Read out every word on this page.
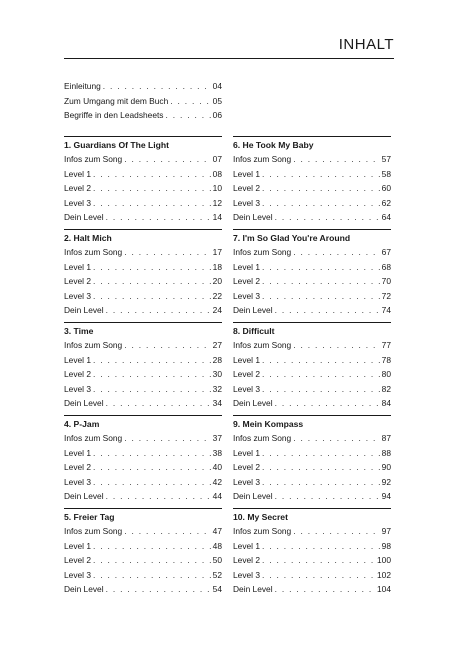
INHALT
Einleitung . . .	04
Zum Umgang mit dem Buch . . .	05
Begriffe in den Leadsheets . . .	06
1. Guardians Of The Light
Infos zum Song . . .	07
Level 1 . . .	08
Level 2 . . .	10
Level 3 . . .	12
Dein Level . . .	14
2. Halt Mich
Infos zum Song . . .	17
Level 1 . . .	18
Level 2 . . .	20
Level 3 . . .	22
Dein Level . . .	24
3. Time
Infos zum Song . . .	27
Level 1 . . .	28
Level 2 . . .	30
Level 3 . . .	32
Dein Level . . .	34
4. P-Jam
Infos zum Song . . .	37
Level 1 . . .	38
Level 2 . . .	40
Level 3 . . .	42
Dein Level . . .	44
5. Freier Tag
Infos zum Song . . .	47
Level 1 . . .	48
Level 2 . . .	50
Level 3 . . .	52
Dein Level . . .	54
6. He Took My Baby
Infos zum Song . . .	57
Level 1 . . .	58
Level 2 . . .	60
Level 3 . . .	62
Dein Level . . .	64
7. I'm So Glad You're Around
Infos zum Song . . .	67
Level 1 . . .	68
Level 2 . . .	70
Level 3 . . .	72
Dein Level . . .	74
8. Difficult
Infos zum Song . . .	77
Level 1 . . .	78
Level 2 . . .	80
Level 3 . . .	82
Dein Level . . .	84
9. Mein Kompass
Infos zum Song . . .	87
Level 1 . . .	88
Level 2 . . .	90
Level 3 . . .	92
Dein Level . . .	94
10. My Secret
Infos zum Song . . .	97
Level 1 . . .	98
Level 2 . . .	100
Level 3 . . .	102
Dein Level . . .	104
